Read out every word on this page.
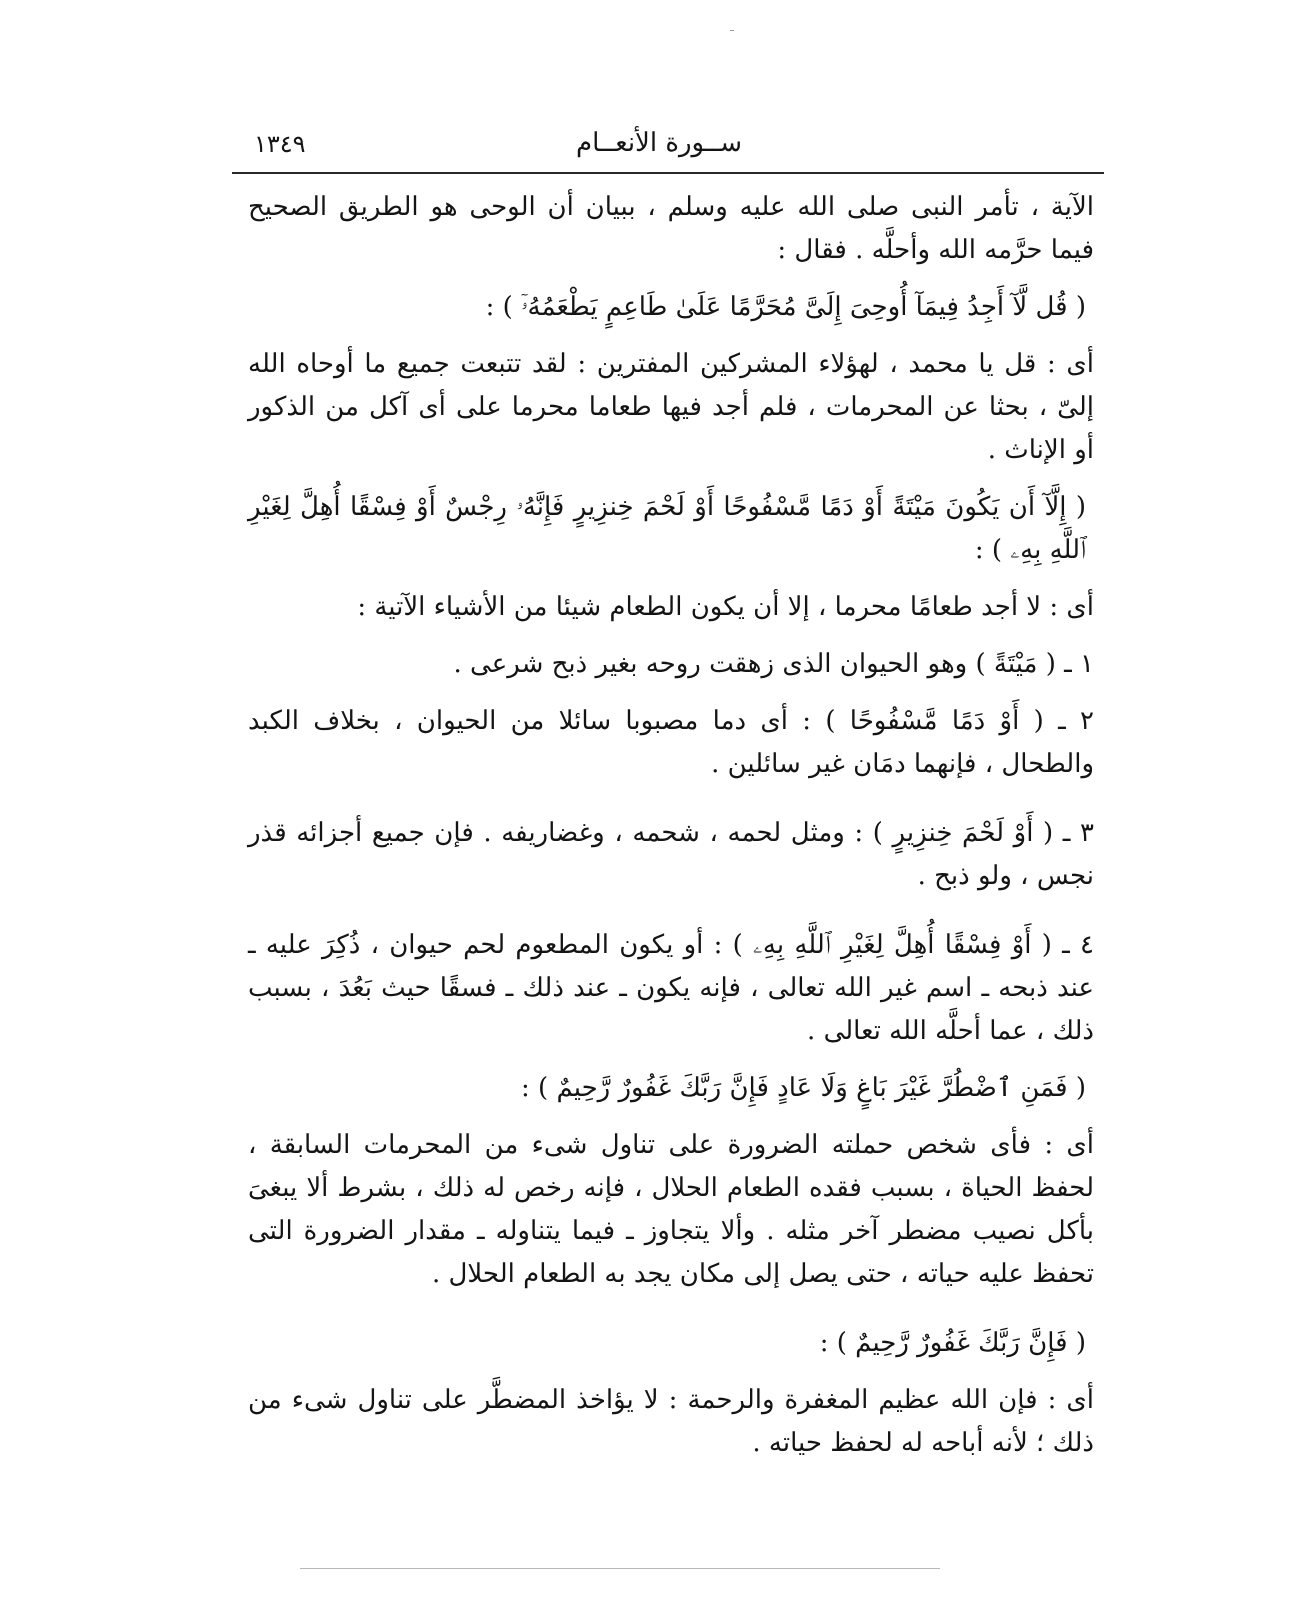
ســورة الأنعــام
١٣٤٩

الآية ، تأمر النبى صلى الله عليه وسلم ، ببيان أن الوحى هو الطريق الصحيح فيما حرَّمه الله وأحلَّه . فقال :

( قُل لَّآ أَجِدُ فِيمَآ أُوحِىَ إِلَىَّ مُحَرَّمًا عَلَىٰ طَاعِمٍ يَطْعَمُهُۥٓ ) :

أى : قل يا محمد ، لهؤلاء المشركين المفترين : لقد تتبعت جميع ما أوحاه الله إلىّ ، بحثا عن المحرمات ، فلم أجد فيها طعاما محرما على أى آكل من الذكور أو الإناث .

( إِلَّآ أَن يَكُونَ مَيْتَةً أَوْ دَمًا مَّسْفُوحًا أَوْ لَحْمَ خِنزِيرٍ فَإِنَّهُۥ رِجْسٌ أَوْ فِسْقًا أُهِلَّ لِغَيْرِ ٱللَّهِ بِهِۦ ) :

أى : لا أجد طعامًا محرما ، إلا أن يكون الطعام شيئا من الأشياء الآتية :

١ ـ ( مَيْتَةً ) وهو الحيوان الذى زهقت روحه بغير ذبح شرعى .

٢ ـ ( أَوْ دَمًا مَّسْفُوحًا ) : أى دما مصبوبا سائلا من الحيوان ، بخلاف الكبد والطحال ، فإنهما دمَان غير سائلين .

٣ ـ ( أَوْ لَحْمَ خِنزِيرٍ ) : ومثل لحمه ، شحمه ، وغضاريفه . فإن جميع أجزائه قذر نجس ، ولو ذبح .

٤ ـ ( أَوْ فِسْقًا أُهِلَّ لِغَيْرِ ٱللَّهِ بِهِۦ ) : أو يكون المطعوم لحم حيوان ، ذُكِرَ عليه ـ عند ذبحه ـ اسم غير الله تعالى ، فإنه يكون ـ عند ذلك ـ فسقًا حيث بَعُدَ ، بسبب ذلك ، عما أحلَّه الله تعالى .

( فَمَنِ ٱضْطُرَّ غَيْرَ بَاغٍ وَلَا عَادٍ فَإِنَّ رَبَّكَ غَفُورٌ رَّحِيمٌ ) :

أى : فأى شخص حملته الضرورة على تناول شىء من المحرمات السابقة ، لحفظ الحياة ، بسبب فقده الطعام الحلال ، فإنه رخص له ذلك ، بشرط ألا يبغىَ بأكل نصيب مضطر آخر مثله . وألا يتجاوز ـ فيما يتناوله ـ مقدار الضرورة التى تحفظ عليه حياته ، حتى يصل إلى مكان يجد به الطعام الحلال .

( فَإِنَّ رَبَّكَ غَفُورٌ رَّحِيمٌ ) :

أى : فإن الله عظيم المغفرة والرحمة : لا يؤاخذ المضطَّر على تناول شىء من ذلك ؛ لأنه أباحه له لحفظ حياته .
